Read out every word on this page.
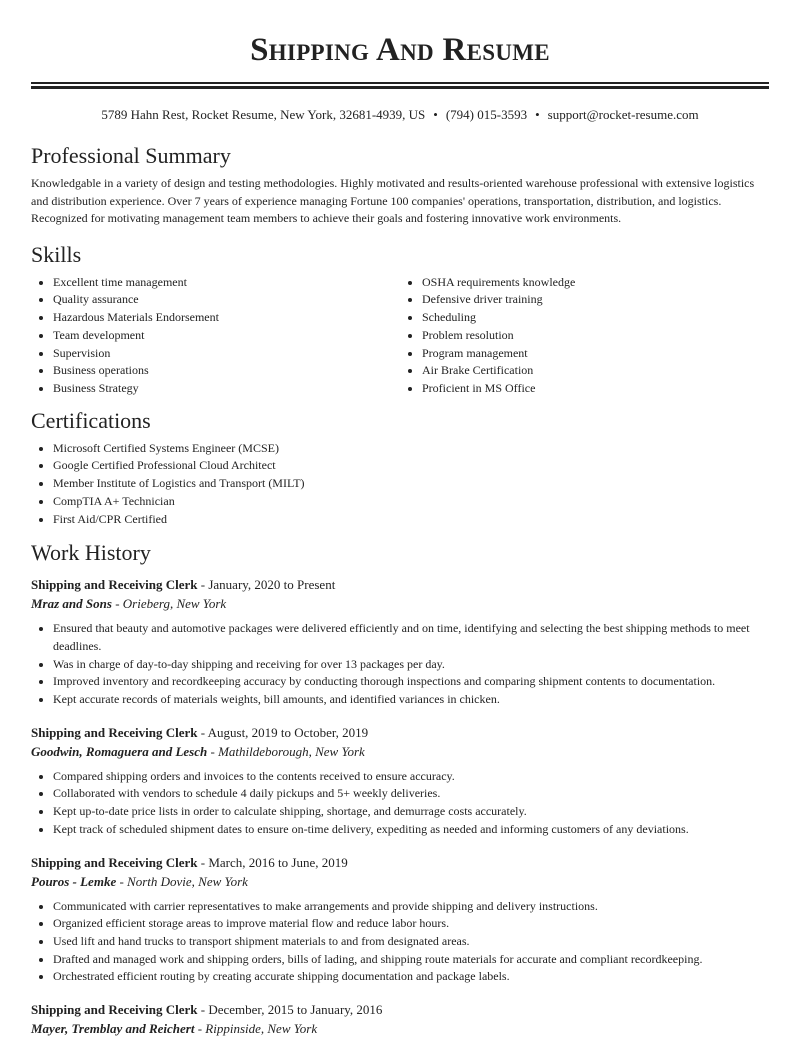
Shipping And Resume
5789 Hahn Rest, Rocket Resume, New York, 32681-4939, US • (794) 015-3593 • support@rocket-resume.com
Professional Summary

Knowledgable in a variety of design and testing methodologies. Highly motivated and results-oriented warehouse professional with extensive logistics and distribution experience. Over 7 years of experience managing Fortune 100 companies' operations, transportation, distribution, and logistics. Recognized for motivating management team members to achieve their goals and fostering innovative work environments.

Skills
• Excellent time management
• Quality assurance
• Hazardous Materials Endorsement
• Team development
• Supervision
• Business operations
• Business Strategy
• OSHA requirements knowledge
• Defensive driver training
• Scheduling
• Problem resolution
• Program management
• Air Brake Certification
• Proficient in MS Office
Certifications
• Microsoft Certified Systems Engineer (MCSE)
• Google Certified Professional Cloud Architect
• Member Institute of Logistics and Transport (MILT)
• CompTIA A+ Technician
• First Aid/CPR Certified
Work History
Shipping and Receiving Clerk - January, 2020 to Present
Mraz and Sons - Orieberg, New York
• Ensured that beauty and automotive packages were delivered efficiently and on time, identifying and selecting the best shipping methods to meet deadlines.
• Was in charge of day-to-day shipping and receiving for over 13 packages per day.
• Improved inventory and recordkeeping accuracy by conducting thorough inspections and comparing shipment contents to documentation.
• Kept accurate records of materials weights, bill amounts, and identified variances in chicken.
Shipping and Receiving Clerk - August, 2019 to October, 2019
Goodwin, Romaguera and Lesch - Mathildeborough, New York
• Compared shipping orders and invoices to the contents received to ensure accuracy.
• Collaborated with vendors to schedule 4 daily pickups and 5+ weekly deliveries.
• Kept up-to-date price lists in order to calculate shipping, shortage, and demurrage costs accurately.
• Kept track of scheduled shipment dates to ensure on-time delivery, expediting as needed and informing customers of any deviations.
Shipping and Receiving Clerk - March, 2016 to June, 2019
Pouros - Lemke - North Dovie, New York
• Communicated with carrier representatives to make arrangements and provide shipping and delivery instructions.
• Organized efficient storage areas to improve material flow and reduce labor hours.
• Used lift and hand trucks to transport shipment materials to and from designated areas.
• Drafted and managed work and shipping orders, bills of lading, and shipping route materials for accurate and compliant recordkeeping.
• Orchestrated efficient routing by creating accurate shipping documentation and package labels.
Shipping and Receiving Clerk - December, 2015 to January, 2016
Mayer, Tremblay and Reichert - Rippinside, New York
